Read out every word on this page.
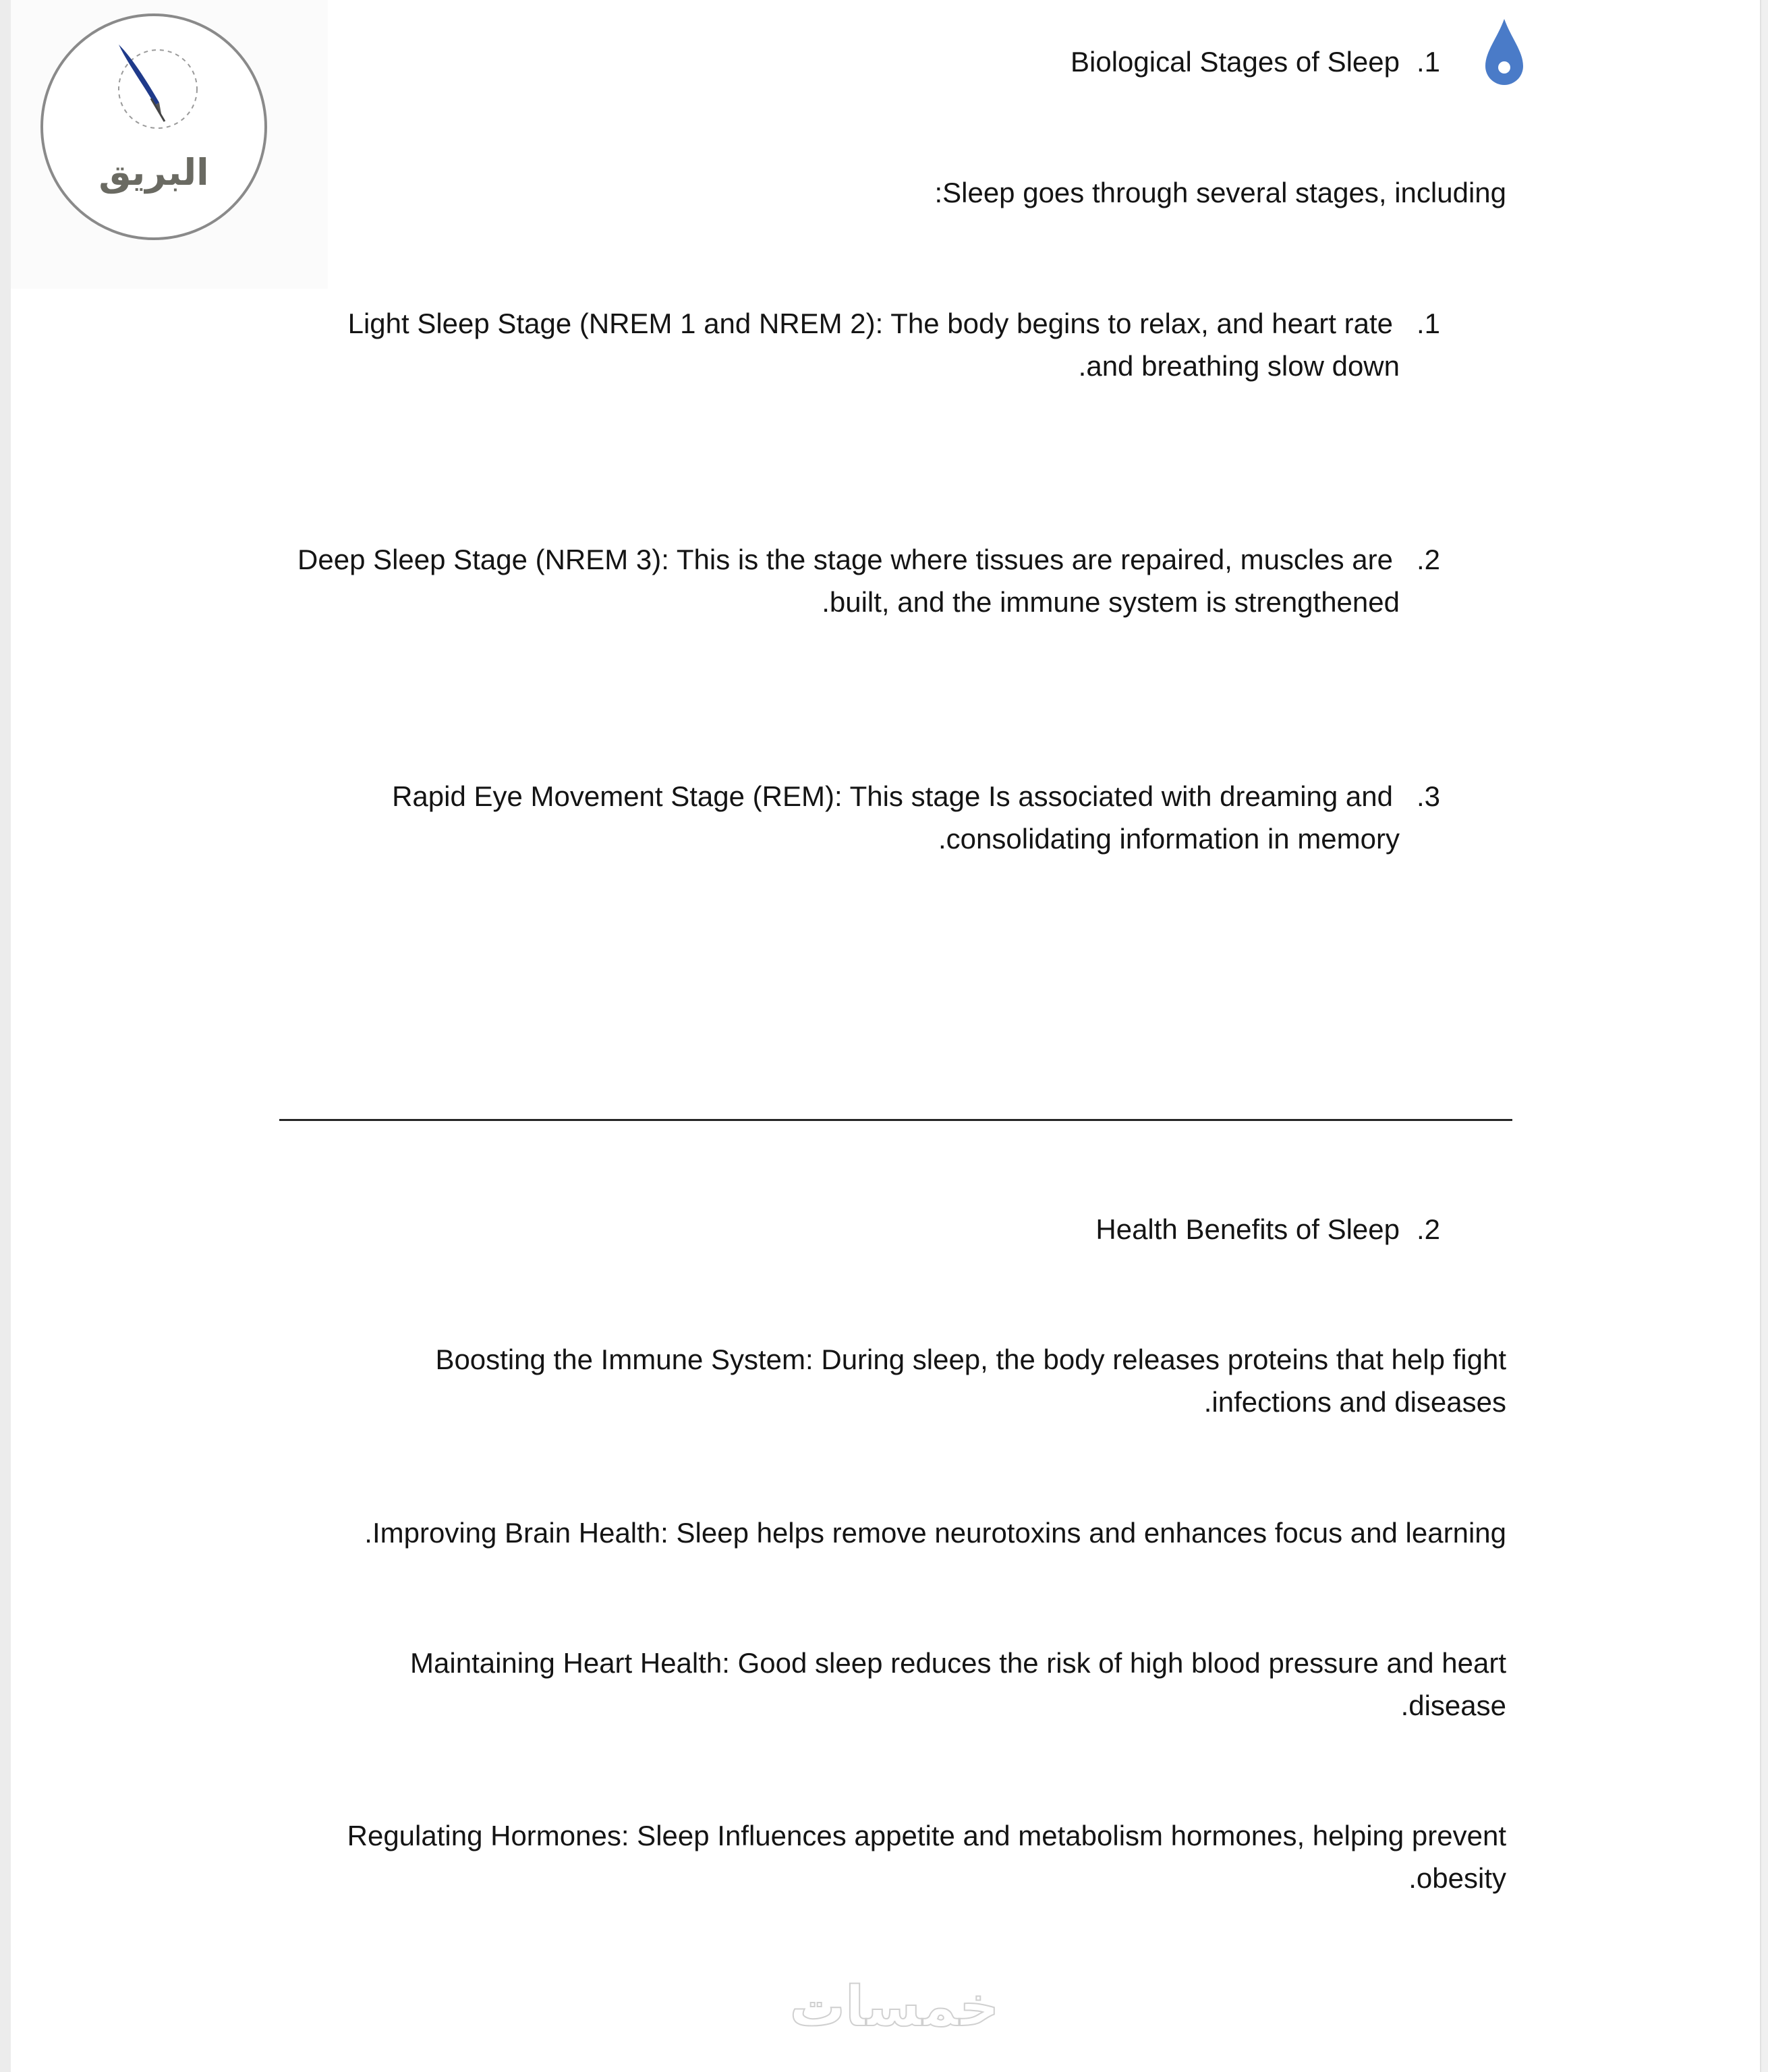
البريق
.1
Biological Stages of Sleep
:Sleep goes through several stages, including
.1
Light Sleep Stage (NREM 1 and NREM 2): The body begins to relax, and heart rate
.and breathing slow down
.2
Deep Sleep Stage (NREM 3): This is the stage where tissues are repaired, muscles are
.built, and the immune system is strengthened
.3
Rapid Eye Movement Stage (REM): This stage Is associated with dreaming and
.consolidating information in memory
.2
Health Benefits of Sleep
Boosting the Immune System: During sleep, the body releases proteins that help fight
.infections and diseases
.Improving Brain Health: Sleep helps remove neurotoxins and enhances focus and learning
Maintaining Heart Health: Good sleep reduces the risk of high blood pressure and heart
.disease
Regulating Hormones: Sleep Influences appetite and metabolism hormones, helping prevent
.obesity
خمسات
